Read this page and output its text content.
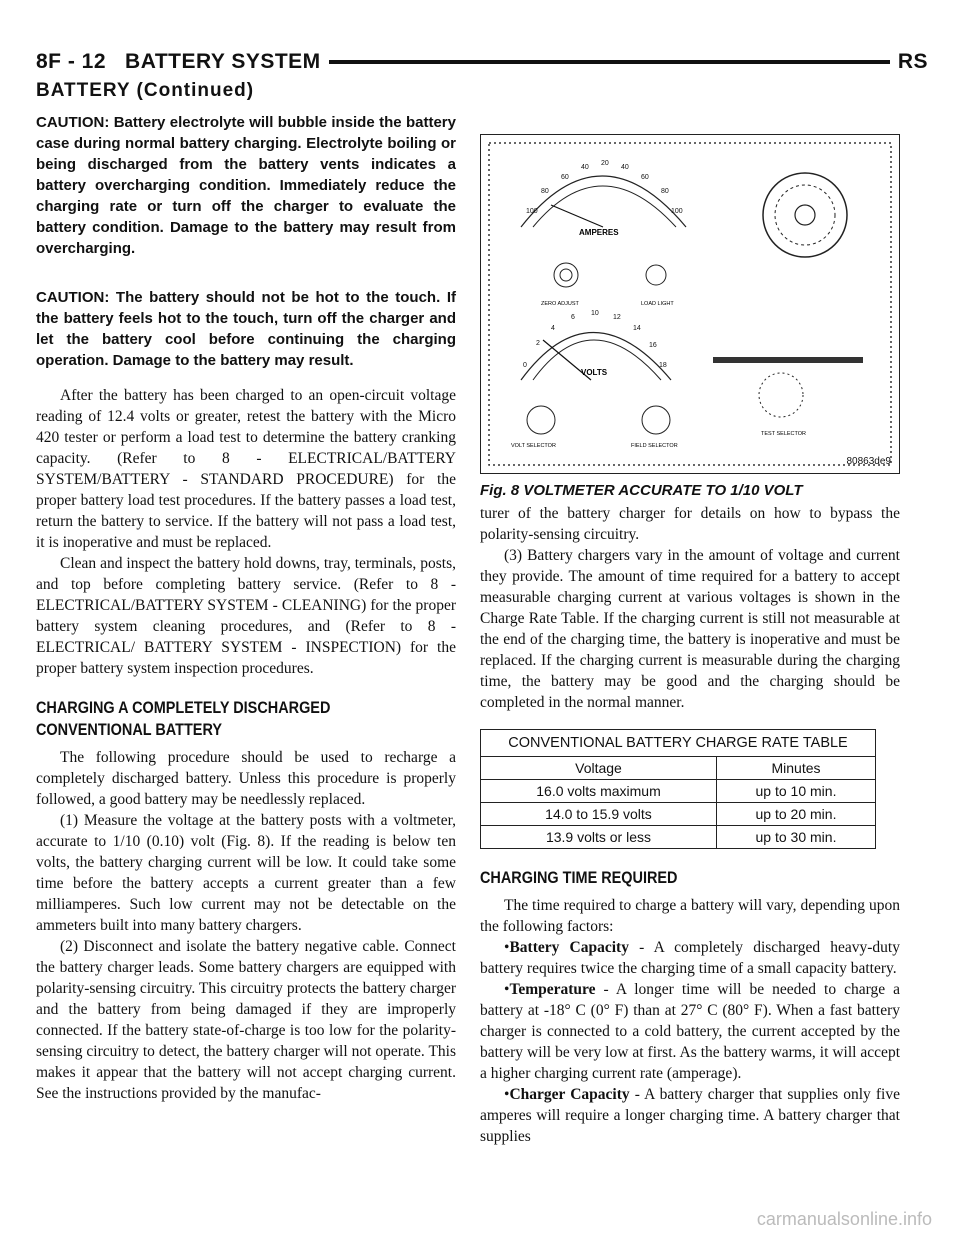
8F - 12 BATTERY SYSTEM	RS
BATTERY (Continued)

CAUTION: Battery electrolyte will bubble inside the battery case during normal battery charging. Electrolyte boiling or being discharged from the battery vents indicates a battery overcharging condition. Immediately reduce the charging rate or turn off the charger to evaluate the battery condition. Damage to the battery may result from overcharging.

CAUTION: The battery should not be hot to the touch. If the battery feels hot to the touch, turn off the charger and let the battery cool before continuing the charging operation. Damage to the battery may result.

After the battery has been charged to an open-circuit voltage reading of 12.4 volts or greater, retest the battery with the Micro 420 tester or perform a load test to determine the battery cranking capacity. (Refer to 8 - ELECTRICAL/BATTERY SYSTEM/BATTERY - STANDARD PROCEDURE) for the proper battery load test procedures. If the battery passes a load test, return the battery to service. If the battery will not pass a load test, it is inoperative and must be replaced.

Clean and inspect the battery hold downs, tray, terminals, posts, and top before completing battery service. (Refer to 8 - ELECTRICAL/BATTERY SYSTEM - CLEANING) for the proper battery system cleaning procedures, and (Refer to 8 - ELECTRICAL/ BATTERY SYSTEM - INSPECTION) for the proper battery system inspection procedures.

CHARGING A COMPLETELY DISCHARGED
CONVENTIONAL BATTERY

The following procedure should be used to recharge a completely discharged battery. Unless this procedure is properly followed, a good battery may be needlessly replaced.

(1) Measure the voltage at the battery posts with a voltmeter, accurate to 1/10 (0.10) volt (Fig. 8). If the reading is below ten volts, the battery charging current will be low. It could take some time before the battery accepts a current greater than a few milliamperes. Such low current may not be detectable on the ammeters built into many battery chargers.

(2) Disconnect and isolate the battery negative cable. Connect the battery charger leads. Some battery chargers are equipped with polarity-sensing circuitry. This circuitry protects the battery charger and the battery from being damaged if they are improperly connected. If the battery state-of-charge is too low for the polarity-sensing circuitry to detect, the battery charger will not operate. This makes it appear that the battery will not accept charging current. See the instructions provided by the manufac-

100
80
60
40
20
40
60
80
100
AMPERES
ZERO ADJUST	LOAD LIGHT
0
2
4
6
10
12
14
16
18
VOLTS
TEST SELECTOR
VOLT SELECTOR	FIELD SELECTOR
80863de9
Fig. 8 VOLTMETER ACCURATE TO 1/10 VOLT

turer of the battery charger for details on how to bypass the polarity-sensing circuitry.

(3) Battery chargers vary in the amount of voltage and current they provide. The amount of time required for a battery to accept measurable charging current at various voltages is shown in the Charge Rate Table. If the charging current is still not measurable at the end of the charging time, the battery is inoperative and must be replaced. If the charging current is measurable during the charging time, the battery may be good and the charging should be completed in the normal manner.

CONVENTIONAL BATTERY CHARGE RATE TABLE
Voltage	Minutes
16.0 volts maximum	up to 10 min.
14.0 to 15.9 volts	up to 20 min.
13.9 volts or less	up to 30 min.
CHARGING TIME REQUIRED

The time required to charge a battery will vary, depending upon the following factors:

•Battery Capacity - A completely discharged heavy-duty battery requires twice the charging time of a small capacity battery.

•Temperature - A longer time will be needed to charge a battery at -18° C (0° F) than at 27° C (80° F). When a fast battery charger is connected to a cold battery, the current accepted by the battery will be very low at first. As the battery warms, it will accept a higher charging current rate (amperage).

•Charger Capacity - A battery charger that supplies only five amperes will require a longer charging time. A battery charger that supplies

carmanualsonline.info
